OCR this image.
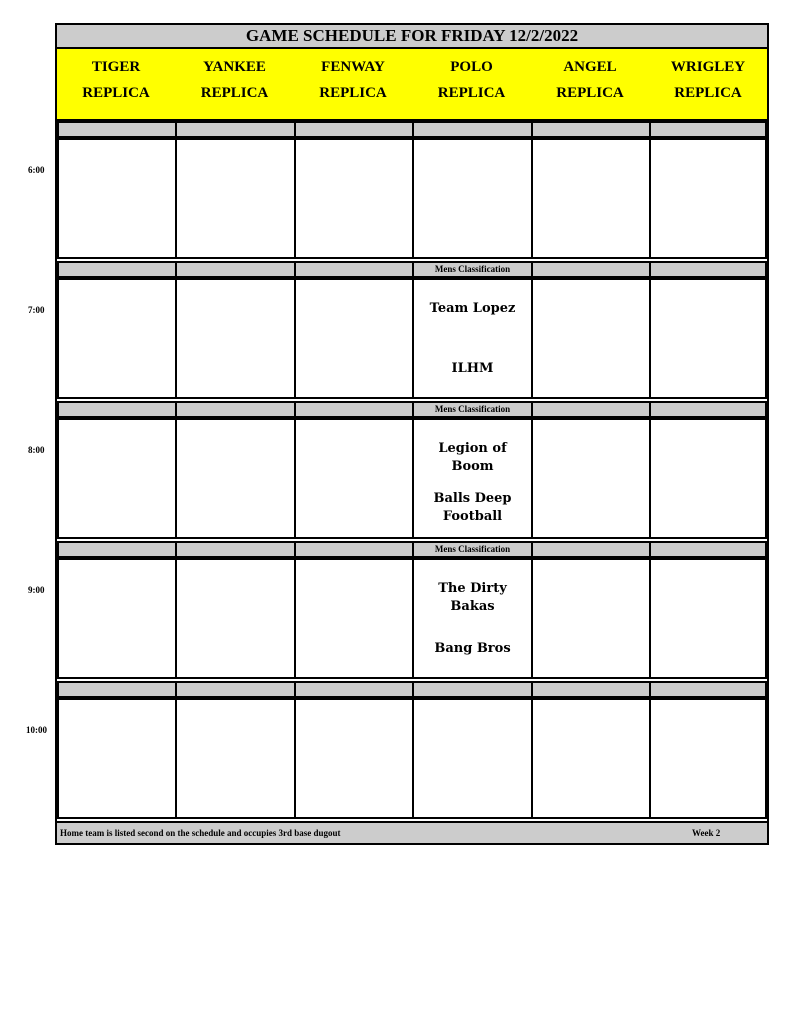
GAME SCHEDULE FOR FRIDAY 12/2/2022
TIGER
REPLICA
YANKEE
REPLICA
FENWAY
REPLICA
POLO
REPLICA
ANGEL
REPLICA
WRIGLEY
REPLICA
Mens Classification
Team Lopez
ILHM
Mens Classification
Legion of Boom
Balls Deep Football
Mens Classification
The Dirty Bakas
Bang Bros
Home team is listed second on the schedule and occupies 3rd base dugout	Week 2
6:00
7:00
8:00
9:00
10:00
